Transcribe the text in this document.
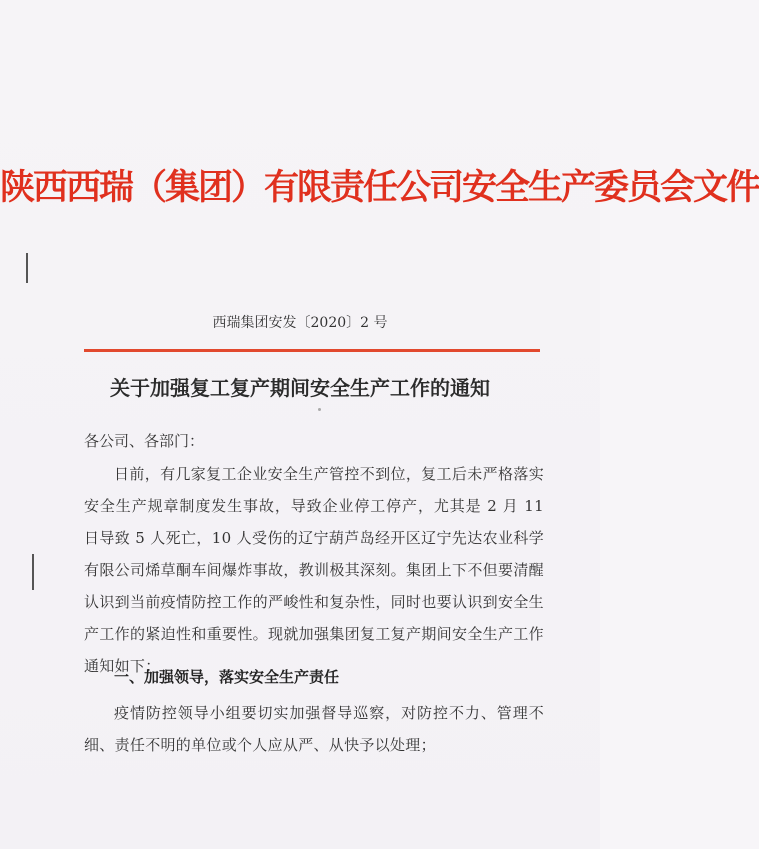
陕西西瑞（集团）有限责任公司安全生产委员会文件
西瑞集团安发〔2020〕2 号
关于加强复工复产期间安全生产工作的通知
各公司、各部门：
日前，有几家复工企业安全生产管控不到位，复工后未严格落实安全生产规章制度发生事故，导致企业停工停产，尤其是 2 月 11 日导致 5 人死亡，10 人受伤的辽宁葫芦岛经开区辽宁先达农业科学有限公司烯草酮车间爆炸事故，教训极其深刻。集团上下不但要清醒认识到当前疫情防控工作的严峻性和复杂性，同时也要认识到安全生产工作的紧迫性和重要性。现就加强集团复工复产期间安全生产工作通知如下：
一、加强领导，落实安全生产责任
疫情防控领导小组要切实加强督导巡察，对防控不力、管理不细、责任不明的单位或个人应从严、从快予以处理；
